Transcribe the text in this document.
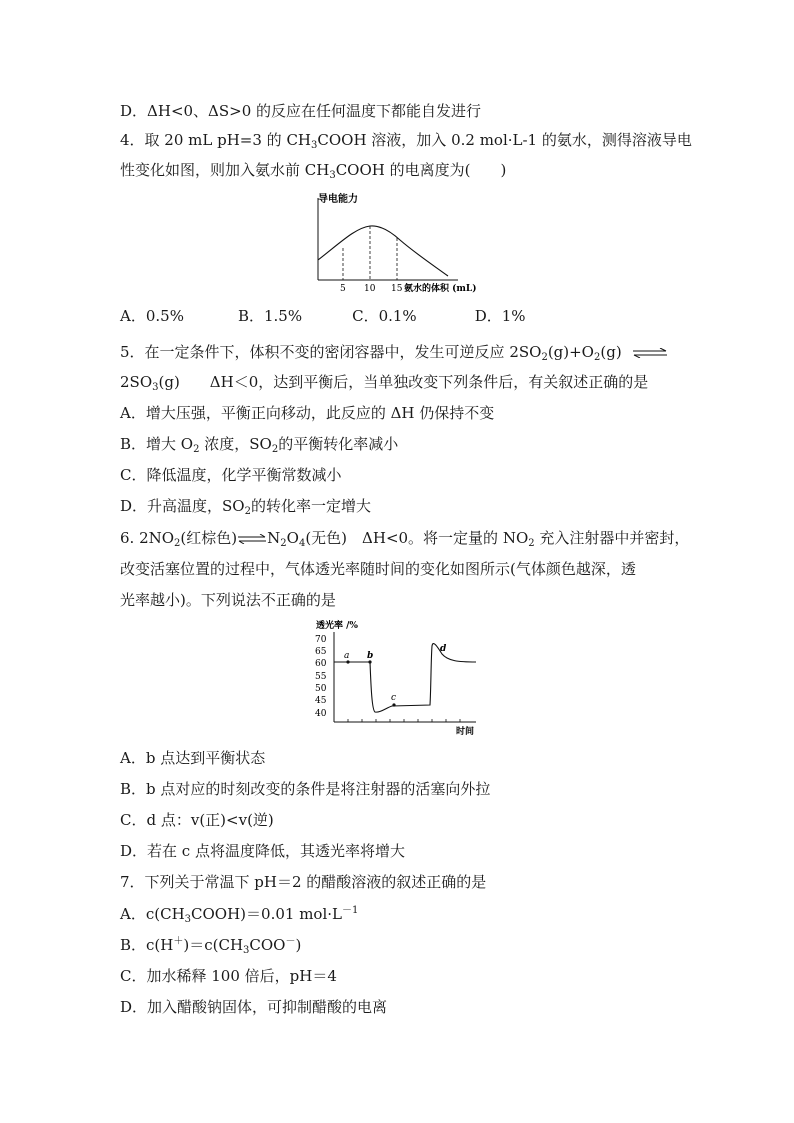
D．ΔH<0、ΔS>0 的反应在任何温度下都能自发进行
4．取 20 mL pH=3 的 $CH_3COOH$ 溶液，加入 0.2 mol·L-1 的氨水，测得溶液导电
性变化如图，则加入氨水前 $CH_3COOH$ 的电离度为(　　)
导电能力
5 10 15 氨水的体积 (mL)
A．0.5%	B．1.5%	C．0.1%	D．1%
5．在一定条件下，体积不变的密闭容器中，发生可逆反应 $2SO_2(g)+O_2(g)$ ⇌
$2SO_3(g)$　　ΔH＜0，达到平衡后，当单独改变下列条件后，有关叙述正确的是
A．增大压强，平衡正向移动，此反应的 ΔH 仍保持不变
B．增大 $O_2$ 浓度，$SO_2$的平衡转化率减小
C．降低温度，化学平衡常数减小
D．升高温度，$SO_2$的转化率一定增大
6. $2NO_2$(红棕色) $N_2O_4$(无色)　ΔH<0。将一定量的 $NO_2$ 充入注射器中并密封，
改变活塞位置的过程中，气体透光率随时间的变化如图所示(气体颜色越深，透
光率越小)。下列说法不正确的是
透光率 /%
70
65
60
55
50
45
40
a b
c
d
时间
A．b 点达到平衡状态
B．b 点对应的时刻改变的条件是将注射器的活塞向外拉
C．d 点：v(正)<v(逆)
D．若在 c 点将温度降低，其透光率将增大
7．下列关于常温下 pH＝2 的醋酸溶液的叙述正确的是
A．$c(CH_3COOH)=0.01$ $mol\cdot L^{-1}$
B．$c(H^+)=c(CH_3COO^-)$
C．加水稀释 100 倍后，pH＝4
D．加入醋酸钠固体，可抑制醋酸的电离
